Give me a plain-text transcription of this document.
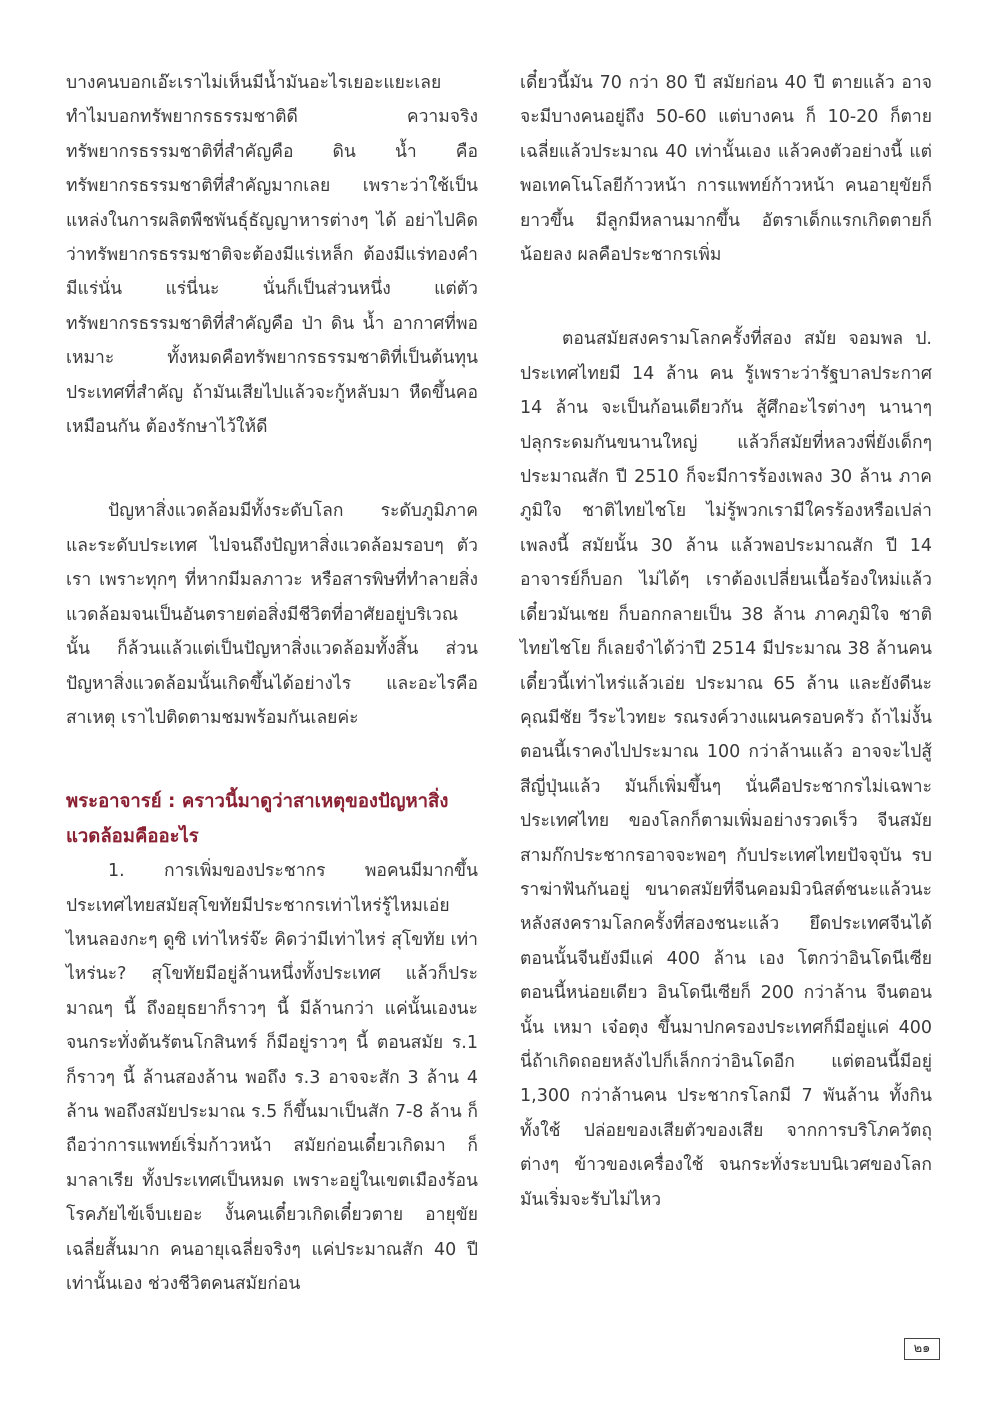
บางคนบอกเอ๊ะเราไม่เห็นมีน้ำมันอะไรเยอะแยะเลย ทำไมบอกทรัพยากรธรรมชาติดี ความจริงทรัพยากรธรรมชาติที่สำคัญคือ ดิน น้ำ คือทรัพยากรธรรมชาติที่สำคัญมากเลย เพราะว่าใช้เป็นแหล่งในการผลิตพืชพันธุ์ธัญญาหารต่างๆ ได้ อย่าไปคิดว่าทรัพยากรธรรมชาติจะต้องมีแร่เหล็ก ต้องมีแร่ทองคำ มีแร่นั่น แร่นี่นะ นั่นก็เป็นส่วนหนึ่ง แต่ตัวทรัพยากรธรรมชาติที่สำคัญคือ ป่า ดิน น้ำ อากาศที่พอเหมาะ ทั้งหมดคือทรัพยากรธรรมชาติที่เป็นต้นทุนประเทศที่สำคัญ ถ้ามันเสียไปแล้วจะกู้หลับมา หืดขึ้นคอเหมือนกัน ต้องรักษาไว้ให้ดี

ปัญหาสิ่งแวดล้อมมีทั้งระดับโลก ระดับภูมิภาค และระดับประเทศ ไปจนถึงปัญหาสิ่งแวดล้อมรอบๆ ตัวเรา เพราะทุกๆ ที่หากมีมลภาวะ หรือสารพิษที่ทำลายสิ่งแวดล้อมจนเป็นอันตรายต่อสิ่งมีชีวิตที่อาศัยอยู่บริเวณนั้น ก็ล้วนแล้วแต่เป็นปัญหาสิ่งแวดล้อมทั้งสิ้น ส่วนปัญหาสิ่งแวดล้อมนั้นเกิดขึ้นได้อย่างไร และอะไรคือสาเหตุ เราไปติดตามชมพร้อมกันเลยค่ะ

พระอาจารย์ : คราวนี้มาดูว่าสาเหตุของปัญหาสิ่งแวดล้อมคืออะไร

1. การเพิ่มของประชากร พอคนมีมากขึ้น ประเทศไทยสมัยสุโขทัยมีประชากรเท่าไหร่รู้ไหมเอ่ย ไหนลองกะๆ ดูซิ เท่าไหร่จ๊ะ คิดว่ามีเท่าไหร่ สุโขทัย เท่าไหร่นะ? สุโขทัยมีอยู่ล้านหนึ่งทั้งประเทศ แล้วก็ประมาณๆ นี้ ถึงอยุธยาก็ราวๆ นี้ มีล้านกว่า แค่นั้นเองนะ จนกระทั่งต้นรัตนโกสินทร์ ก็มีอยู่ราวๆ นี้ ตอนสมัย ร.1 ก็ราวๆ นี้ ล้านสองล้าน พอถึง ร.3 อาจจะสัก 3 ล้าน 4 ล้าน พอถึงสมัยประมาณ ร.5 ก็ขึ้นมาเป็นสัก 7-8 ล้าน ก็ถือว่าการแพทย์เริ่มก้าวหน้า สมัยก่อนเดี๋ยวเกิดมา ก็มาลาเรีย ทั้งประเทศเป็นหมด เพราะอยู่ในเขตเมืองร้อน โรคภัยไข้เจ็บเยอะ งั้นคนเดี๋ยวเกิดเดี๋ยวตาย อายุขัยเฉลี่ยสั้นมาก คนอายุเฉลี่ยจริงๆ แค่ประมาณสัก 40 ปีเท่านั้นเอง ช่วงชีวิตคนสมัยก่อน

เดี๋ยวนี้มัน 70 กว่า 80 ปี สมัยก่อน 40 ปี ตายแล้ว อาจจะมีบางคนอยู่ถึง 50-60 แต่บางคน ก็ 10-20 ก็ตาย เฉลี่ยแล้วประมาณ 40 เท่านั้นเอง แล้วคงตัวอย่างนี้ แต่พอเทคโนโลยีก้าวหน้า การแพทย์ก้าวหน้า คนอายุขัยก็ยาวขึ้น มีลูกมีหลานมากขึ้น อัตราเด็กแรกเกิดตายก็น้อยลง ผลคือประชากรเพิ่ม

ตอนสมัยสงครามโลกครั้งที่สอง สมัย จอมพล ป. ประเทศไทยมี 14 ล้าน คน รู้เพราะว่ารัฐบาลประกาศ 14 ล้าน จะเป็นก้อนเดียวกัน สู้ศึกอะไรต่างๆ นานาๆ ปลุกระดมกันขนานใหญ่ แล้วก็สมัยที่หลวงพี่ยังเด็กๆ ประมาณสัก ปี 2510 ก็จะมีการร้องเพลง 30 ล้าน ภาคภูมิใจ ชาติไทยไชโย ไม่รู้พวกเรามีใครร้องหรือเปล่าเพลงนี้ สมัยนั้น 30 ล้าน แล้วพอประมาณสัก ปี 14 อาจารย์ก็บอก ไม่ได้ๆ เราต้องเปลี่ยนเนื้อร้องใหม่แล้ว เดี๋ยวมันเชย ก็บอกกลายเป็น 38 ล้าน ภาคภูมิใจ ชาติไทยไชโย ก็เลยจำได้ว่าปี 2514 มีประมาณ 38 ล้านคน เดี๋ยวนี้เท่าไหร่แล้วเอ่ย ประมาณ 65 ล้าน และยังดีนะ คุณมีชัย วีระไวทยะ รณรงค์วางแผนครอบครัว ถ้าไม่งั้นตอนนี้เราคงไปประมาณ 100 กว่าล้านแล้ว อาจจะไปสู้สีญี่ปุ่นแล้ว มันก็เพิ่มขึ้นๆ นั่นคือประชากรไม่เฉพาะประเทศไทย ของโลกก็ตามเพิ่มอย่างรวดเร็ว จีนสมัยสามก๊กประชากรอาจจะพอๆ กับประเทศไทยปัจจุบัน รบราฆ่าฟันกันอยู่ ขนาดสมัยที่จีนคอมมิวนิสต์ชนะแล้วนะ หลังสงครามโลกครั้งที่สองชนะแล้ว ยึดประเทศจีนได้ ตอนนั้นจีนยังมีแค่ 400 ล้าน เอง โตกว่าอินโดนีเซียตอนนี้หน่อยเดียว อินโดนีเซียก็ 200 กว่าล้าน จีนตอนนั้น เหมา เจ๋อตุง ขึ้นมาปกครองประเทศก็มีอยู่แค่ 400 นี่ถ้าเกิดถอยหลังไปก็เล็กกว่าอินโดอีก แต่ตอนนี้มีอยู่ 1,300 กว่าล้านคน ประชากรโลกมี 7 พันล้าน ทั้งกิน ทั้งใช้ ปล่อยของเสียตัวของเสีย จากการบริโภควัตถุต่างๆ ข้าวของเครื่องใช้ จนกระทั่งระบบนิเวศของโลก มันเริ่มจะรับไม่ไหว

๒๑
